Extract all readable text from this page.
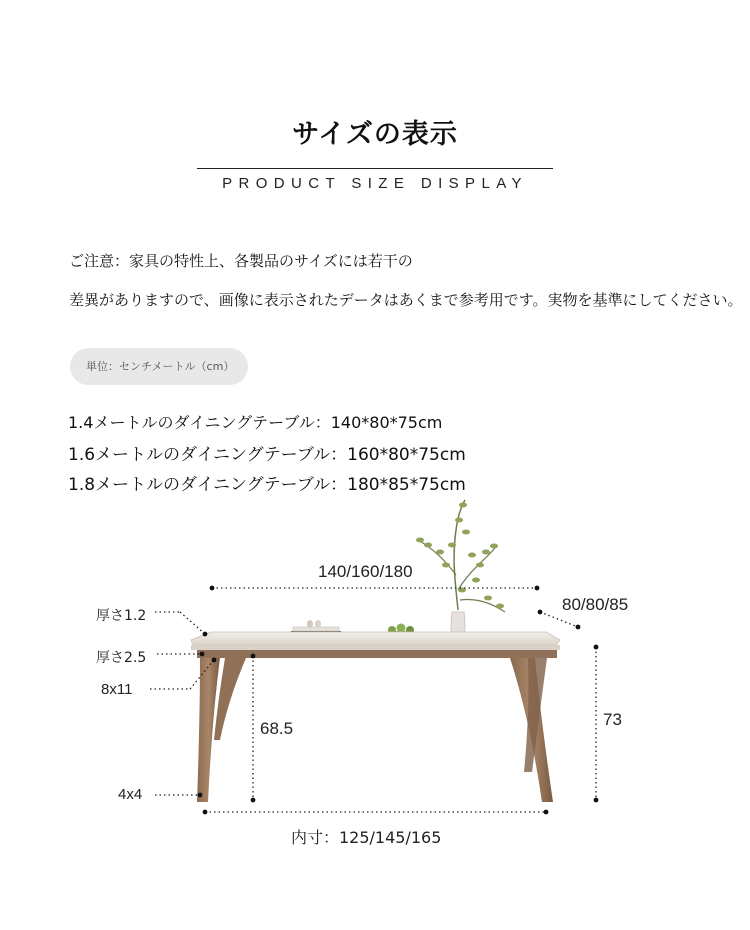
サイズの表示
PRODUCT SIZE DISPLAY
ご注意：家具の特性上、各製品のサイズには若干の
差異がありますので、画像に表示されたデータはあくまで参考用です。実物を基準にしてください。
単位：センチメートル（cm）
1.4メートルのダイニングテーブル：140*80*75cm
1.6メートルのダイニングテーブル：160*80*75cm
1.8メートルのダイニングテーブル：180*85*75cm
140/160/180
80/80/85
厚さ1.2
厚さ2.5
8x11
68.5	73
4x4
内寸：125/145/165
